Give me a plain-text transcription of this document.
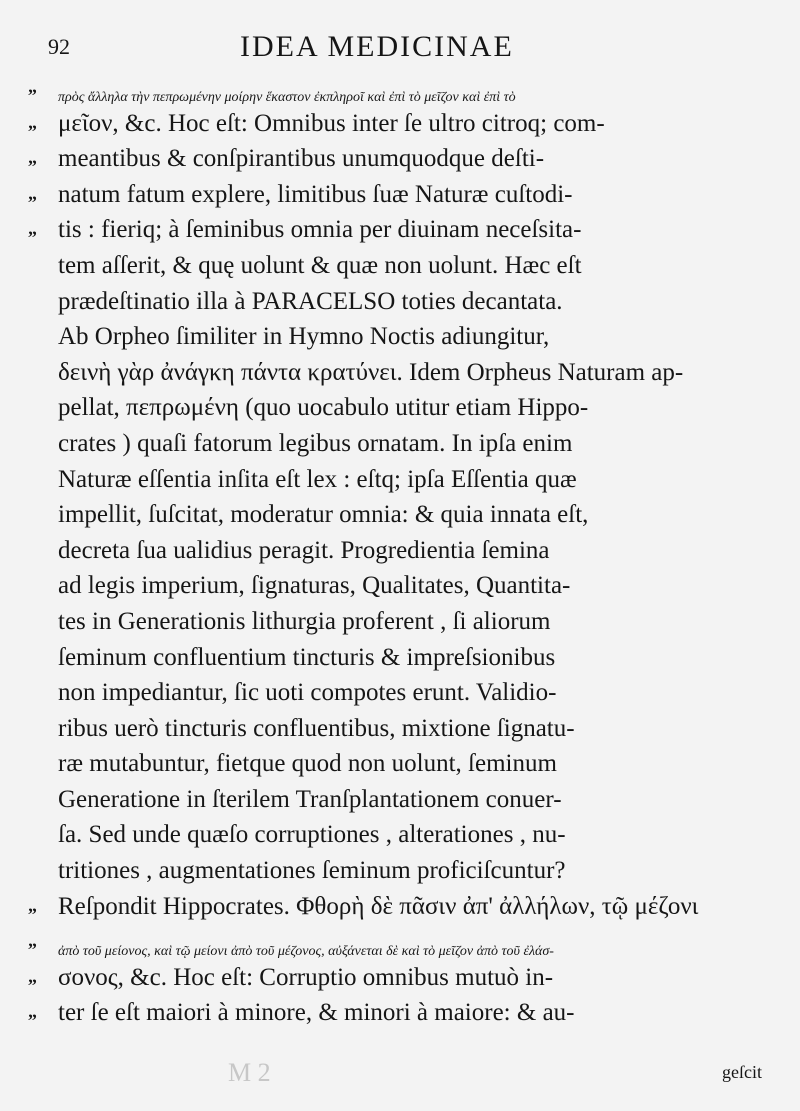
92	IDEA MEDICINAE
„
πρὸς ἄλληλα τὴν πεπρωμένην μοίρην ἕκαστον ἐκπληροῖ καὶ ἐπὶ τὸ μεῖζον καὶ ἐπὶ τὸ
„ μεῖον, &c. Hoc eſt: Omnibus inter ſe ultro citroq; com-
„ meantibus & conſpirantibus unumquodque deſti-
„ natum fatum explere, limitibus ſuæ Naturæ cuſtodi-
„ tis : fieriq; à ſeminibus omnia per diuinam neceſsita-
tem aſſerit, & quę uolunt & quæ non uolunt. Hæc eſt
prædeſtinatio illa à PARACELSO toties decantata.
Ab Orpheo ſimiliter in Hymno Noctis adiungitur,
δεινὴ γὰρ ἀνάγκη πάντα κρατύνει. Idem Orpheus Naturam ap-
pellat, πεπρωμένη (quo uocabulo utitur etiam Hippo-
crates ) quaſi fatorum legibus ornatam. In ipſa enim
Naturæ eſſentia inſita eſt lex : eſtq; ipſa Eſſentia quæ
impellit, ſuſcitat, moderatur omnia: & quia innata eſt,
decreta ſua ualidius peragit. Progredientia ſemina
ad legis imperium, ſignaturas, Qualitates, Quantita-
tes in Generationis lithurgia proferent , ſi aliorum
ſeminum confluentium tincturis & impreſsionibus
non impediantur, ſic uoti compotes erunt. Validio-
ribus uerò tincturis confluentibus, mixtione ſignatu-
ræ mutabuntur, fietque quod non uolunt, ſeminum
Generatione in ſterilem Tranſplantationem conuer-
ſa. Sed unde quæſo corruptiones , alterationes , nu-
tritiones , augmentationes ſeminum proficiſcuntur?
„ Reſpondit Hippocrates. Φθορὴ δὲ πᾶσιν ἀπ' ἀλλήλων, τῷ μέζονι
„
ἀπὸ τοῦ μείονος, καὶ τῷ μείονι ἀπὸ τοῦ μέζονος, αὐξάνεται δὲ καὶ τὸ μεῖζον ἀπὸ τοῦ ἐλάσ-
„ σονος, &c. Hoc eſt: Corruptio omnibus mutuò in-
„ ter ſe eſt maiori à minore, & minori à maiore: & au-
M 2	geſcit
